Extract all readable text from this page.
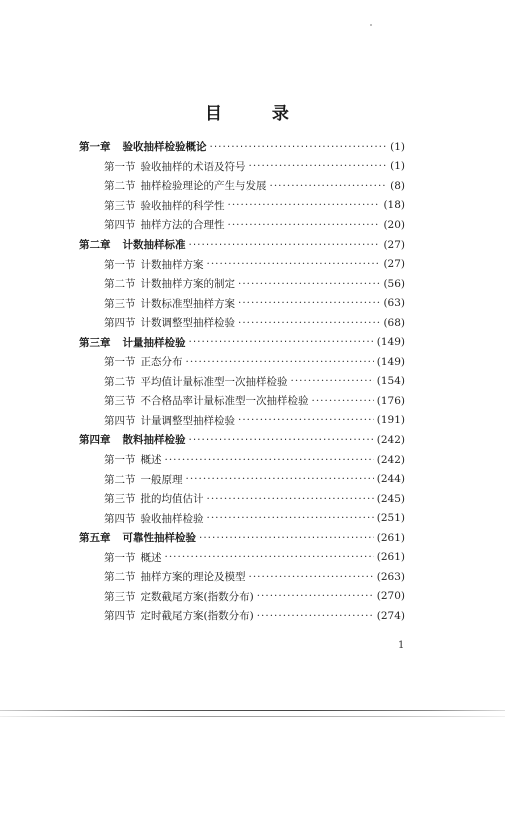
目 录
第一章 验收抽样检验概论 ·····	(1)
第一节 验收抽样的术语及符号 ·····	(1)
第二节 抽样检验理论的产生与发展 ·····	(8)
第三节 验收抽样的科学性 ·····	(18)
第四节 抽样方法的合理性 ·····	(20)
第二章 计数抽样标准 ·····	(27)
第一节 计数抽样方案 ·····	(27)
第二节 计数抽样方案的制定 ·····	(56)
第三节 计数标准型抽样方案 ·····	(63)
第四节 计数调整型抽样检验 ·····	(68)
第三章 计量抽样检验 ·····	(149)
第一节 正态分布 ·····	(149)
第二节 平均值计量标准型一次抽样检验 ·····	(154)
第三节 不合格品率计量标准型一次抽样检验 ·····	(176)
第四节 计量调整型抽样检验 ·····	(191)
第四章 散料抽样检验 ·····	(242)
第一节 概述 ·····	(242)
第二节 一般原理 ·····	(244)
第三节 批的均值估计 ·····	(245)
第四节 验收抽样检验 ·····	(251)
第五章 可靠性抽样检验 ·····	(261)
第一节 概述 ·····	(261)
第二节 抽样方案的理论及模型 ·····	(263)
第三节 定数截尾方案(指数分布) ·····	(270)
第四节 定时截尾方案(指数分布) ·····	(274)
1
